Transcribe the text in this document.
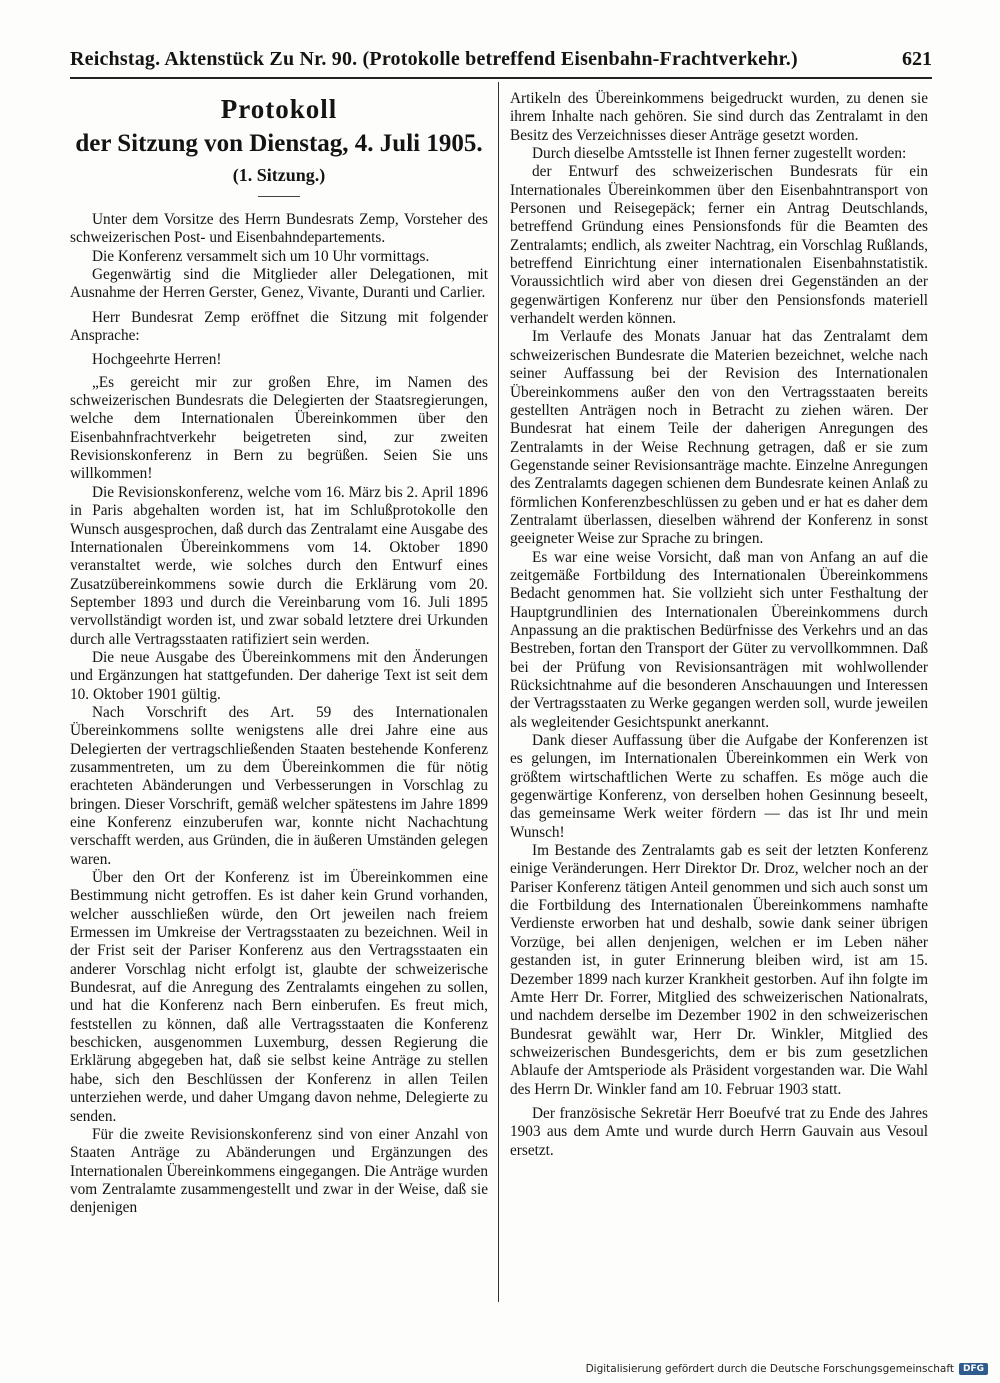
Reichstag. Aktenstück Zu Nr. 90. (Protokolle betreffend Eisenbahn-Frachtverkehr.)	621
Protokoll
der Sitzung von Dienstag, 4. Juli 1905.
(1. Sitzung.)

Unter dem Vorsitze des Herrn Bundesrats Zemp, Vorsteher des schweizerischen Post- und Eisenbahndepartements.

Die Konferenz versammelt sich um 10 Uhr vormittags.

Gegenwärtig sind die Mitglieder aller Delegationen, mit Ausnahme der Herren Gerster, Genez, Vivante, Duranti und Carlier.

Herr Bundesrat Zemp eröffnet die Sitzung mit folgender Ansprache:

Hochgeehrte Herren!

„Es gereicht mir zur großen Ehre, im Namen des schweizerischen Bundesrats die Delegierten der Staatsregierungen, welche dem Internationalen Übereinkommen über den Eisenbahnfrachtverkehr beigetreten sind, zur zweiten Revisionskonferenz in Bern zu begrüßen. Seien Sie uns willkommen!

Die Revisionskonferenz, welche vom 16. März bis 2. April 1896 in Paris abgehalten worden ist, hat im Schlußprotokolle den Wunsch ausgesprochen, daß durch das Zentralamt eine Ausgabe des Internationalen Übereinkommens vom 14. Oktober 1890 veranstaltet werde, wie solches durch den Entwurf eines Zusatzübereinkommens sowie durch die Erklärung vom 20. September 1893 und durch die Vereinbarung vom 16. Juli 1895 vervollständigt worden ist, und zwar sobald letztere drei Urkunden durch alle Vertragsstaaten ratifiziert sein werden.

Die neue Ausgabe des Übereinkommens mit den Änderungen und Ergänzungen hat stattgefunden. Der daherige Text ist seit dem 10. Oktober 1901 gültig.

Nach Vorschrift des Art. 59 des Internationalen Übereinkommens sollte wenigstens alle drei Jahre eine aus Delegierten der vertragschließenden Staaten bestehende Konferenz zusammentreten, um zu dem Übereinkommen die für nötig erachteten Abänderungen und Verbesserungen in Vorschlag zu bringen. Dieser Vorschrift, gemäß welcher spätestens im Jahre 1899 eine Konferenz einzuberufen war, konnte nicht Nachachtung verschafft werden, aus Gründen, die in äußeren Umständen gelegen waren.

Über den Ort der Konferenz ist im Übereinkommen eine Bestimmung nicht getroffen. Es ist daher kein Grund vorhanden, welcher ausschließen würde, den Ort jeweilen nach freiem Ermessen im Umkreise der Vertragsstaaten zu bezeichnen. Weil in der Frist seit der Pariser Konferenz aus den Vertragsstaaten ein anderer Vorschlag nicht erfolgt ist, glaubte der schweizerische Bundesrat, auf die Anregung des Zentralamts eingehen zu sollen, und hat die Konferenz nach Bern einberufen. Es freut mich, feststellen zu können, daß alle Vertragsstaaten die Konferenz beschicken, ausgenommen Luxemburg, dessen Regierung die Erklärung abgegeben hat, daß sie selbst keine Anträge zu stellen habe, sich den Beschlüssen der Konferenz in allen Teilen unterziehen werde, und daher Umgang davon nehme, Delegierte zu senden.

Für die zweite Revisionskonferenz sind von einer Anzahl von Staaten Anträge zu Abänderungen und Ergänzungen des Internationalen Übereinkommens eingegangen. Die Anträge wurden vom Zentralamte zusammengestellt und zwar in der Weise, daß sie denjenigen

Artikeln des Übereinkommens beigedruckt wurden, zu denen sie ihrem Inhalte nach gehören. Sie sind durch das Zentralamt in den Besitz des Verzeichnisses dieser Anträge gesetzt worden.

Durch dieselbe Amtsstelle ist Ihnen ferner zugestellt worden:

der Entwurf des schweizerischen Bundesrats für ein Internationales Übereinkommen über den Eisenbahntransport von Personen und Reisegepäck; ferner ein Antrag Deutschlands, betreffend Gründung eines Pensionsfonds für die Beamten des Zentralamts; endlich, als zweiter Nachtrag, ein Vorschlag Rußlands, betreffend Einrichtung einer internationalen Eisenbahnstatistik. Voraussichtlich wird aber von diesen drei Gegenständen an der gegenwärtigen Konferenz nur über den Pensionsfonds materiell verhandelt werden können.

Im Verlaufe des Monats Januar hat das Zentralamt dem schweizerischen Bundesrate die Materien bezeichnet, welche nach seiner Auffassung bei der Revision des Internationalen Übereinkommens außer den von den Vertragsstaaten bereits gestellten Anträgen noch in Betracht zu ziehen wären. Der Bundesrat hat einem Teile der daherigen Anregungen des Zentralamts in der Weise Rechnung getragen, daß er sie zum Gegenstande seiner Revisionsanträge machte. Einzelne Anregungen des Zentralamts dagegen schienen dem Bundesrate keinen Anlaß zu förmlichen Konferenzbeschlüssen zu geben und er hat es daher dem Zentralamt überlassen, dieselben während der Konferenz in sonst geeigneter Weise zur Sprache zu bringen.

Es war eine weise Vorsicht, daß man von Anfang an auf die zeitgemäße Fortbildung des Internationalen Übereinkommens Bedacht genommen hat. Sie vollzieht sich unter Festhaltung der Hauptgrundlinien des Internationalen Übereinkommens durch Anpassung an die praktischen Bedürfnisse des Verkehrs und an das Bestreben, fortan den Transport der Güter zu vervollkommnen. Daß bei der Prüfung von Revisionsanträgen mit wohlwollender Rücksichtnahme auf die besonderen Anschauungen und Interessen der Vertragsstaaten zu Werke gegangen werden soll, wurde jeweilen als wegleitender Gesichtspunkt anerkannt.

Dank dieser Auffassung über die Aufgabe der Konferenzen ist es gelungen, im Internationalen Übereinkommen ein Werk von größtem wirtschaftlichen Werte zu schaffen. Es möge auch die gegenwärtige Konferenz, von derselben hohen Gesinnung beseelt, das gemeinsame Werk weiter fördern — das ist Ihr und mein Wunsch!

Im Bestande des Zentralamts gab es seit der letzten Konferenz einige Veränderungen. Herr Direktor Dr. Droz, welcher noch an der Pariser Konferenz tätigen Anteil genommen und sich auch sonst um die Fortbildung des Internationalen Übereinkommens namhafte Verdienste erworben hat und deshalb, sowie dank seiner übrigen Vorzüge, bei allen denjenigen, welchen er im Leben näher gestanden ist, in guter Erinnerung bleiben wird, ist am 15. Dezember 1899 nach kurzer Krankheit gestorben. Auf ihn folgte im Amte Herr Dr. Forrer, Mitglied des schweizerischen Nationalrats, und nachdem derselbe im Dezember 1902 in den schweizerischen Bundesrat gewählt war, Herr Dr. Winkler, Mitglied des schweizerischen Bundesgerichts, dem er bis zum gesetzlichen Ablaufe der Amtsperiode als Präsident vorgestanden war. Die Wahl des Herrn Dr. Winkler fand am 10. Februar 1903 statt.

Der französische Sekretär Herr Boeufvé trat zu Ende des Jahres 1903 aus dem Amte und wurde durch Herrn Gauvain aus Vesoul ersetzt.

Digitalisierung gefördert durch die Deutsche Forschungsgemeinschaft	DFG
